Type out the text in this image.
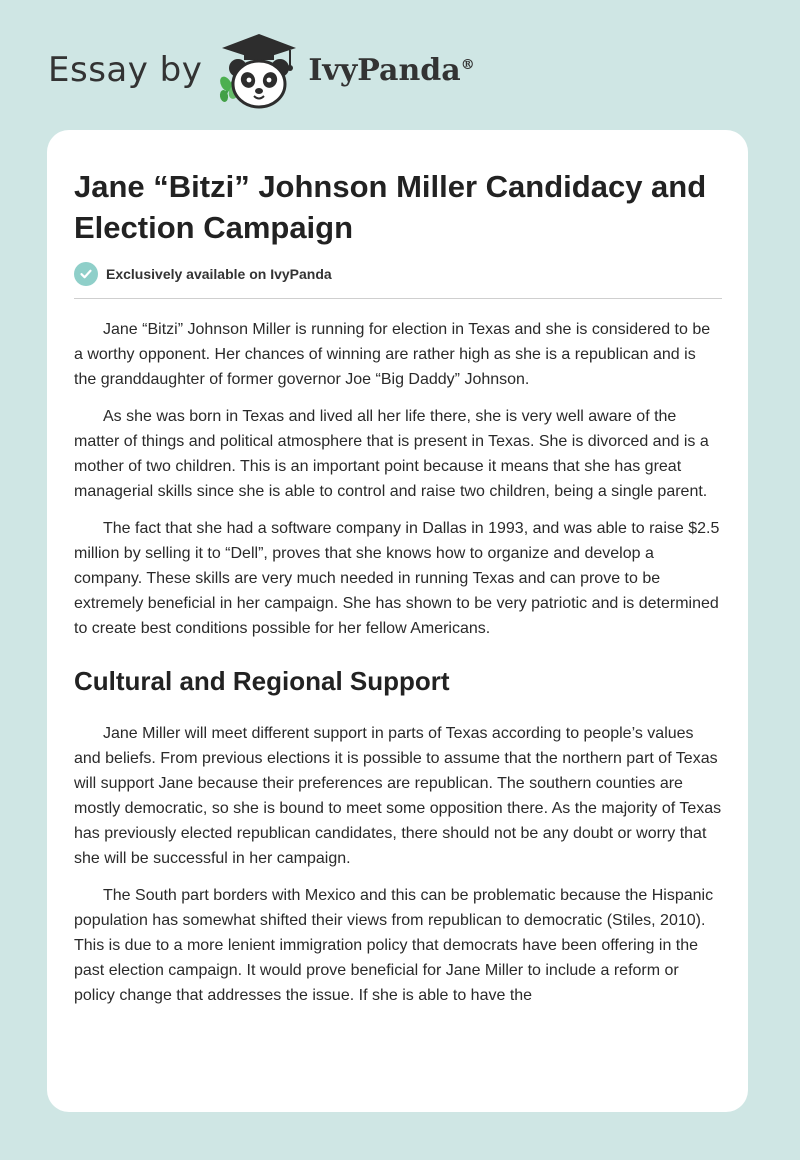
Essay by	IvyPanda®
Jane “Bitzi” Johnson Miller Candidacy and Election Campaign
Exclusively available on IvyPanda

Jane “Bitzi” Johnson Miller is running for election in Texas and she is considered to be a worthy opponent. Her chances of winning are rather high as she is a republican and is the granddaughter of former governor Joe “Big Daddy” Johnson.

As she was born in Texas and lived all her life there, she is very well aware of the matter of things and political atmosphere that is present in Texas. She is divorced and is a mother of two children. This is an important point because it means that she has great managerial skills since she is able to control and raise two children, being a single parent.

The fact that she had a software company in Dallas in 1993, and was able to raise $2.5 million by selling it to “Dell”, proves that she knows how to organize and develop a company. These skills are very much needed in running Texas and can prove to be extremely beneficial in her campaign. She has shown to be very patriotic and is determined to create best conditions possible for her fellow Americans.

Cultural and Regional Support

Jane Miller will meet different support in parts of Texas according to people’s values and beliefs. From previous elections it is possible to assume that the northern part of Texas will support Jane because their preferences are republican. The southern counties are mostly democratic, so she is bound to meet some opposition there. As the majority of Texas has previously elected republican candidates, there should not be any doubt or worry that she will be successful in her campaign.

The South part borders with Mexico and this can be problematic because the Hispanic population has somewhat shifted their views from republican to democratic (Stiles, 2010). This is due to a more lenient immigration policy that democrats have been offering in the past election campaign. It would prove beneficial for Jane Miller to include a reform or policy change that addresses the issue. If she is able to have the
